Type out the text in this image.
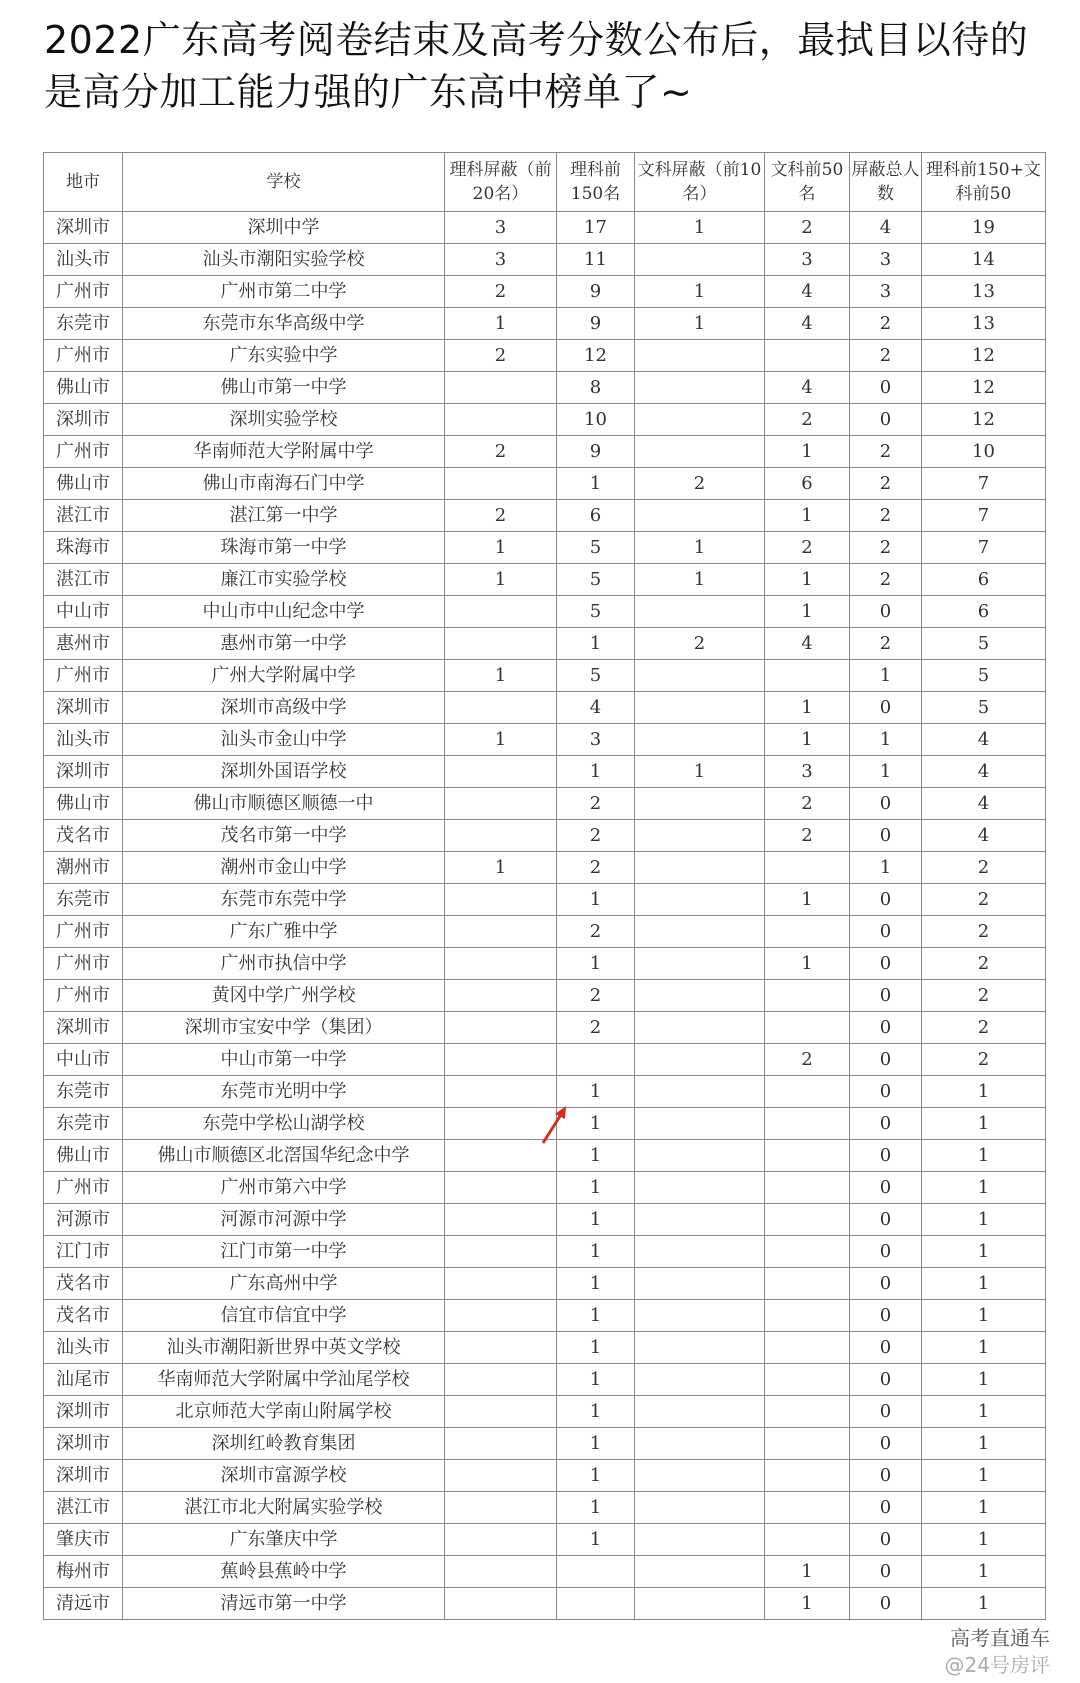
2022广东高考阅卷结束及高考分数公布后，最拭目以待的是高分加工能力强的广东高中榜单了~
地市	学校	理科屏蔽（前20名）	理科前150名	文科屏蔽（前10名）	文科前50名	屏蔽总人数	理科前150+文科前50
深圳市	深圳中学	3	17	1	2	4	19
汕头市	汕头市潮阳实验学校	3	11		3	3	14
广州市	广州市第二中学	2	9	1	4	3	13
东莞市	东莞市东华高级中学	1	9	1	4	2	13
广州市	广东实验中学	2	12			2	12
佛山市	佛山市第一中学		8		4	0	12
深圳市	深圳实验学校		10		2	0	12
广州市	华南师范大学附属中学	2	9		1	2	10
佛山市	佛山市南海石门中学		1	2	6	2	7
湛江市	湛江第一中学	2	6		1	2	7
珠海市	珠海市第一中学	1	5	1	2	2	7
湛江市	廉江市实验学校	1	5	1	1	2	6
中山市	中山市中山纪念中学		5		1	0	6
惠州市	惠州市第一中学		1	2	4	2	5
广州市	广州大学附属中学	1	5			1	5
深圳市	深圳市高级中学		4		1	0	5
汕头市	汕头市金山中学	1	3		1	1	4
深圳市	深圳外国语学校		1	1	3	1	4
佛山市	佛山市顺德区顺德一中		2		2	0	4
茂名市	茂名市第一中学		2		2	0	4
潮州市	潮州市金山中学	1	2			1	2
东莞市	东莞市东莞中学		1		1	0	2
广州市	广东广雅中学		2			0	2
广州市	广州市执信中学		1		1	0	2
广州市	黄冈中学广州学校		2			0	2
深圳市	深圳市宝安中学（集团）		2			0	2
中山市	中山市第一中学				2	0	2
东莞市	东莞市光明中学		1			0	1
东莞市	东莞中学松山湖学校		1			0	1
佛山市	佛山市顺德区北滘国华纪念中学		1			0	1
广州市	广州市第六中学		1			0	1
河源市	河源市河源中学		1			0	1
江门市	江门市第一中学		1			0	1
茂名市	广东高州中学		1			0	1
茂名市	信宜市信宜中学		1			0	1
汕头市	汕头市潮阳新世界中英文学校		1			0	1
汕尾市	华南师范大学附属中学汕尾学校		1			0	1
深圳市	北京师范大学南山附属学校		1			0	1
深圳市	深圳红岭教育集团		1			0	1
深圳市	深圳市富源学校		1			0	1
湛江市	湛江市北大附属实验学校		1			0	1
肇庆市	广东肇庆中学		1			0	1
梅州市	蕉岭县蕉岭中学				1	0	1
清远市	清远市第一中学				1	0	1
高考直通车
@24号房评
